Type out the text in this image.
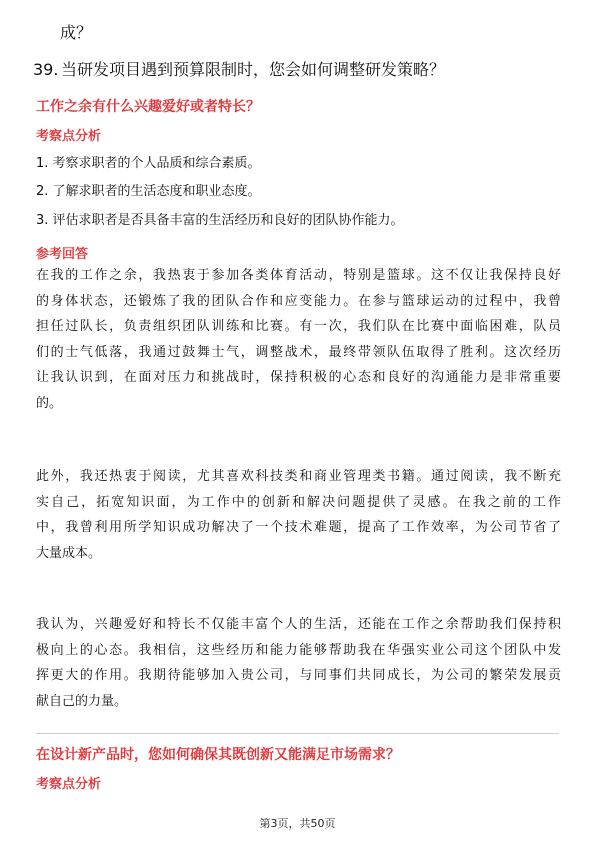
成？
39. 当研发项目遇到预算限制时，您会如何调整研发策略？
工作之余有什么兴趣爱好或者特长？
考察点分析
1. 考察求职者的个人品质和综合素质。
2. 了解求职者的生活态度和职业态度。
3. 评估求职者是否具备丰富的生活经历和良好的团队协作能力。
参考回答
在我的工作之余，我热衷于参加各类体育活动，特别是篮球。这不仅让我保持良好
的身体状态，还锻炼了我的团队合作和应变能力。在参与篮球运动的过程中，我曾
担任过队长，负责组织团队训练和比赛。有一次，我们队在比赛中面临困难，队员
们的士气低落，我通过鼓舞士气，调整战术，最终带领队伍取得了胜利。这次经历
让我认识到，在面对压力和挑战时，保持积极的心态和良好的沟通能力是非常重要
的。
此外，我还热衷于阅读，尤其喜欢科技类和商业管理类书籍。通过阅读，我不断充
实自己，拓宽知识面，为工作中的创新和解决问题提供了灵感。在我之前的工作
中，我曾利用所学知识成功解决了一个技术难题，提高了工作效率，为公司节省了
大量成本。
我认为，兴趣爱好和特长不仅能丰富个人的生活，还能在工作之余帮助我们保持积
极向上的心态。我相信，这些经历和能力能够帮助我在华强实业公司这个团队中发
挥更大的作用。我期待能够加入贵公司，与同事们共同成长，为公司的繁荣发展贡
献自己的力量。
在设计新产品时，您如何确保其既创新又能满足市场需求？
考察点分析
第3页，共50页
